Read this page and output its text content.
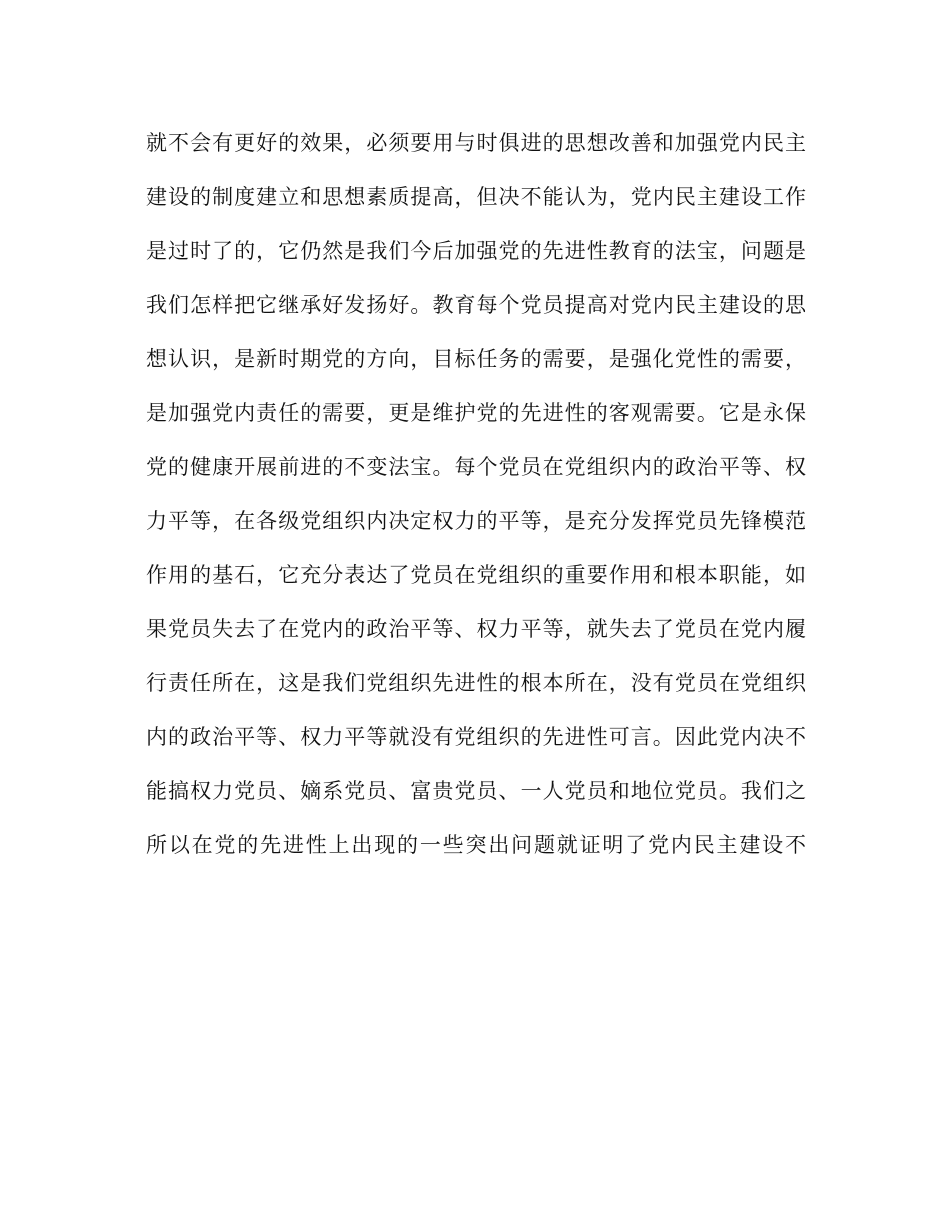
就不会有更好的效果，必须要用与时俱进的思想改善和加强党内民主
建设的制度建立和思想素质提高，但决不能认为，党内民主建设工作
是过时了的，它仍然是我们今后加强党的先进性教育的法宝，问题是
我们怎样把它继承好发扬好。教育每个党员提高对党内民主建设的思
想认识，是新时期党的方向，目标任务的需要，是强化党性的需要，
是加强党内责任的需要，更是维护党的先进性的客观需要。它是永保
党的健康开展前进的不变法宝。每个党员在党组织内的政治平等、权
力平等，在各级党组织内决定权力的平等，是充分发挥党员先锋模范
作用的基石，它充分表达了党员在党组织的重要作用和根本职能，如
果党员失去了在党内的政治平等、权力平等，就失去了党员在党内履
行责任所在，这是我们党组织先进性的根本所在，没有党员在党组织
内的政治平等、权力平等就没有党组织的先进性可言。因此党内决不
能搞权力党员、嫡系党员、富贵党员、一人党员和地位党员。我们之
所以在党的先进性上出现的一些突出问题就证明了党内民主建设不
